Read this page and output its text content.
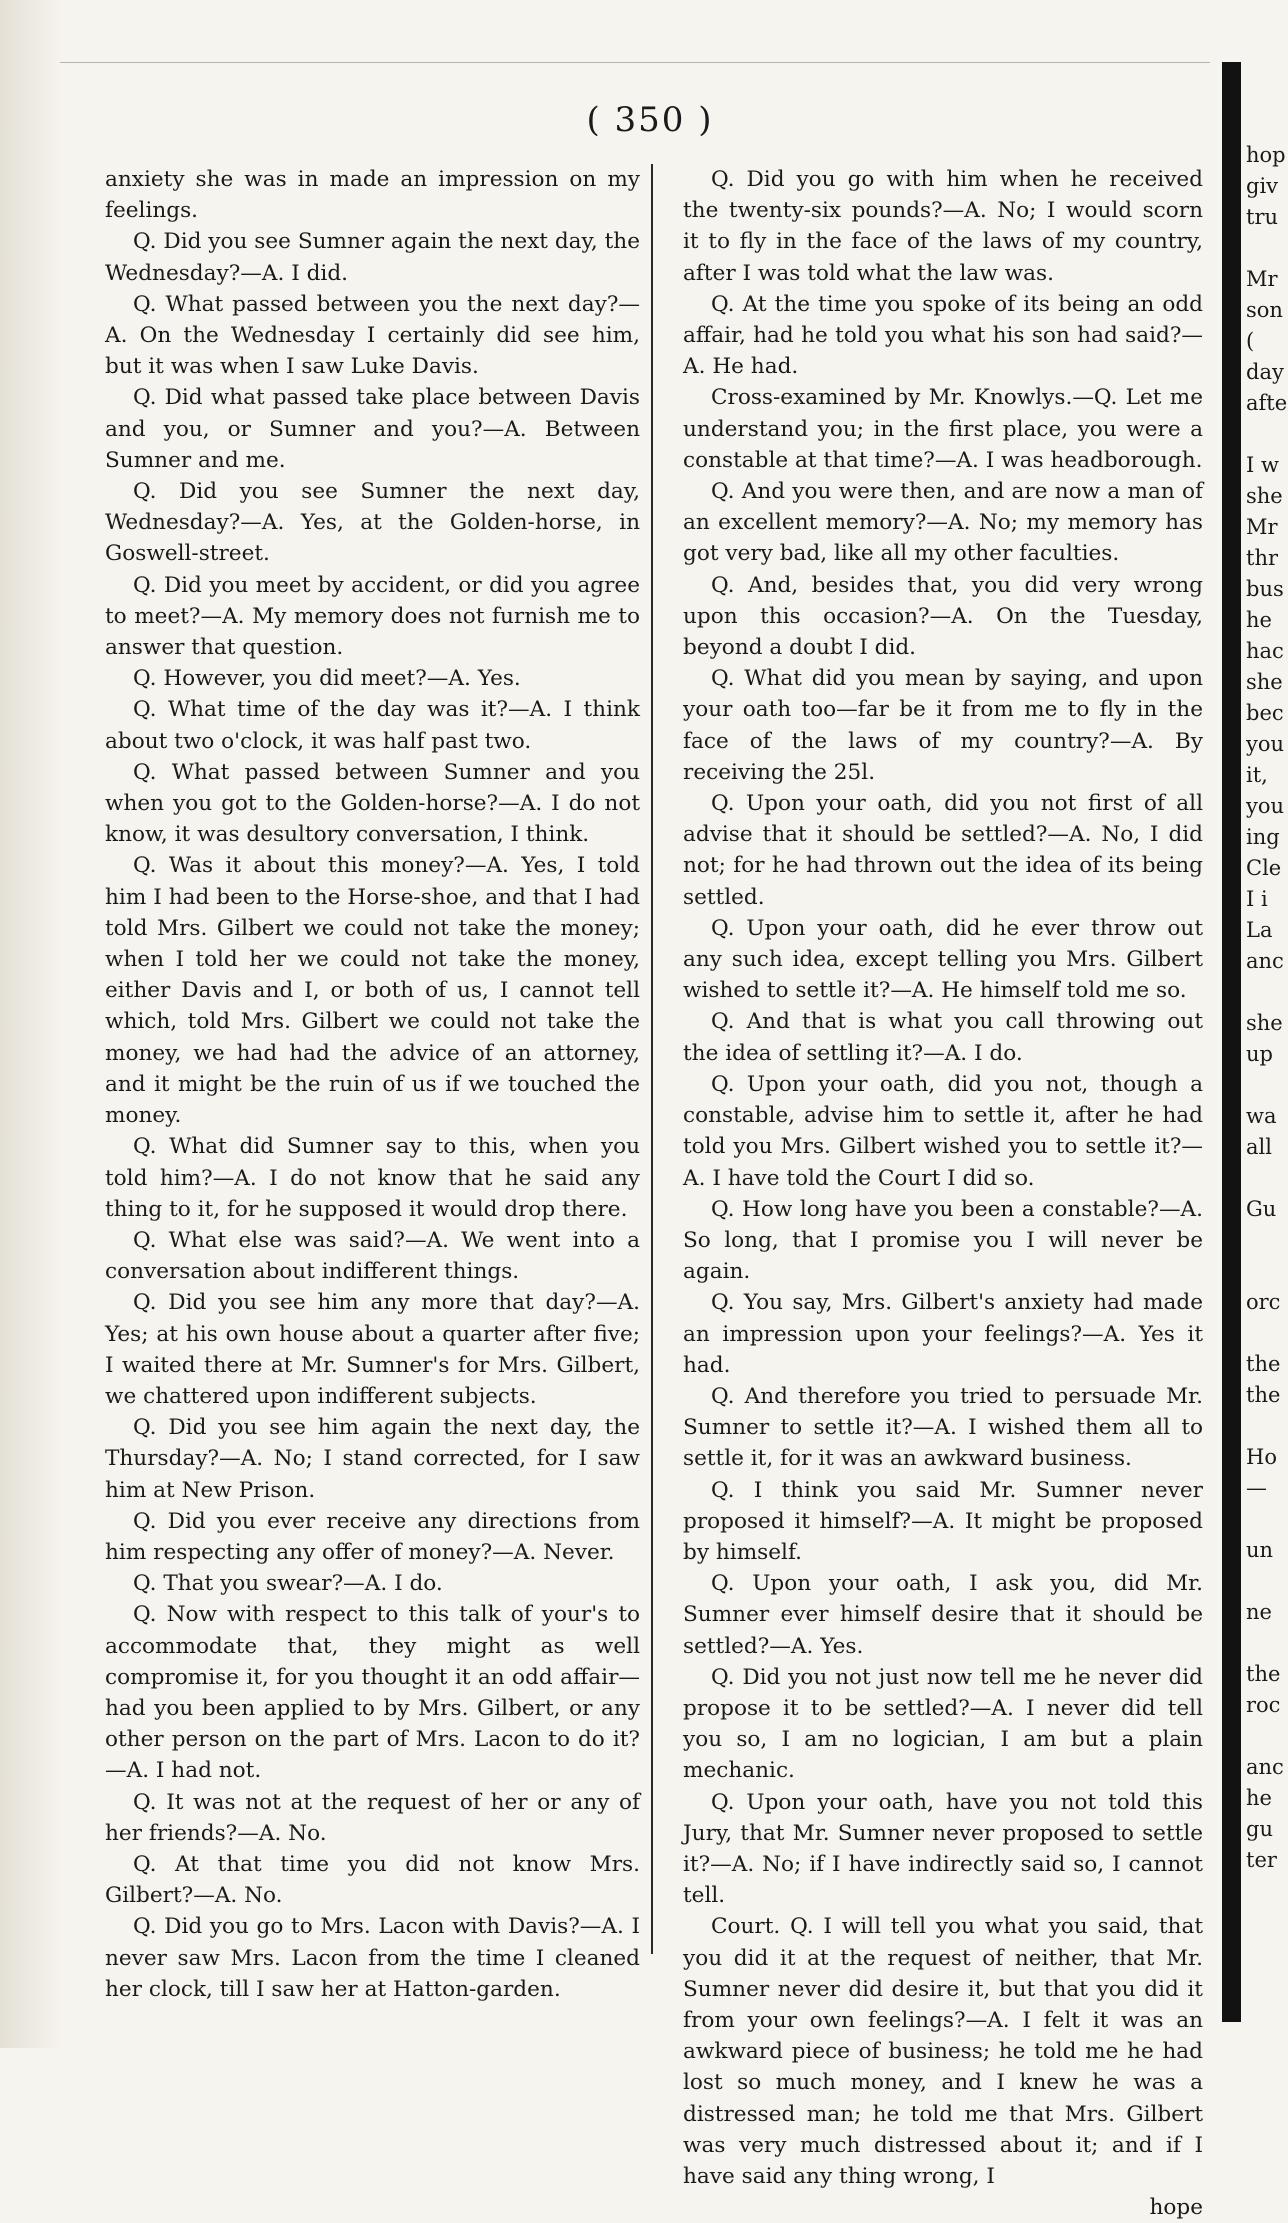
( 350 )

anxiety she was in made an impression on my feelings.

Q. Did you see Sumner again the next day, the Wednesday?—A. I did.

Q. What passed between you the next day?—A. On the Wednesday I certainly did see him, but it was when I saw Luke Davis.

Q. Did what passed take place between Davis and you, or Sumner and you?—A. Between Sumner and me.

Q. Did you see Sumner the next day, Wednesday?—A. Yes, at the Golden-horse, in Goswell-street.

Q. Did you meet by accident, or did you agree to meet?—A. My memory does not furnish me to answer that question.

Q. However, you did meet?—A. Yes.

Q. What time of the day was it?—A. I think about two o'clock, it was half past two.

Q. What passed between Sumner and you when you got to the Golden-horse?—A. I do not know, it was desultory conversation, I think.

Q. Was it about this money?—A. Yes, I told him I had been to the Horse-shoe, and that I had told Mrs. Gilbert we could not take the money; when I told her we could not take the money, either Davis and I, or both of us, I cannot tell which, told Mrs. Gilbert we could not take the money, we had had the advice of an attorney, and it might be the ruin of us if we touched the money.

Q. What did Sumner say to this, when you told him?—A. I do not know that he said any thing to it, for he supposed it would drop there.

Q. What else was said?—A. We went into a conversation about indifferent things.

Q. Did you see him any more that day?—A. Yes; at his own house about a quarter after five; I waited there at Mr. Sumner's for Mrs. Gilbert, we chattered upon indifferent subjects.

Q. Did you see him again the next day, the Thursday?—A. No; I stand corrected, for I saw him at New Prison.

Q. Did you ever receive any directions from him respecting any offer of money?—A. Never.

Q. That you swear?—A. I do.

Q. Now with respect to this talk of your's to accommodate that, they might as well compromise it, for you thought it an odd affair—had you been applied to by Mrs. Gilbert, or any other person on the part of Mrs. Lacon to do it?—A. I had not.

Q. It was not at the request of her or any of her friends?—A. No.

Q. At that time you did not know Mrs. Gilbert?—A. No.

Q. Did you go to Mrs. Lacon with Davis?—A. I never saw Mrs. Lacon from the time I cleaned her clock, till I saw her at Hatton-garden.

Q. Did you go with him when he received the twenty-six pounds?—A. No; I would scorn it to fly in the face of the laws of my country, after I was told what the law was.

Q. At the time you spoke of its being an odd affair, had he told you what his son had said?—A. He had.

Cross-examined by Mr. Knowlys.—Q. Let me understand you; in the first place, you were a constable at that time?—A. I was headborough.

Q. And you were then, and are now a man of an excellent memory?—A. No; my memory has got very bad, like all my other faculties.

Q. And, besides that, you did very wrong upon this occasion?—A. On the Tuesday, beyond a doubt I did.

Q. What did you mean by saying, and upon your oath too—far be it from me to fly in the face of the laws of my country?—A. By receiving the 25l.

Q. Upon your oath, did you not first of all advise that it should be settled?—A. No, I did not; for he had thrown out the idea of its being settled.

Q. Upon your oath, did he ever throw out any such idea, except telling you Mrs. Gilbert wished to settle it?—A. He himself told me so.

Q. And that is what you call throwing out the idea of settling it?—A. I do.

Q. Upon your oath, did you not, though a constable, advise him to settle it, after he had told you Mrs. Gilbert wished you to settle it?—A. I have told the Court I did so.

Q. How long have you been a constable?—A. So long, that I promise you I will never be again.

Q. You say, Mrs. Gilbert's anxiety had made an impression upon your feelings?—A. Yes it had.

Q. And therefore you tried to persuade Mr. Sumner to settle it?—A. I wished them all to settle it, for it was an awkward business.

Q. I think you said Mr. Sumner never proposed it himself?—A. It might be proposed by himself.

Q. Upon your oath, I ask you, did Mr. Sumner ever himself desire that it should be settled?—A. Yes.

Q. Did you not just now tell me he never did propose it to be settled?—A. I never did tell you so, I am no logician, I am but a plain mechanic.

Q. Upon your oath, have you not told this Jury, that Mr. Sumner never proposed to settle it?—A. No; if I have indirectly said so, I cannot tell.

Court. Q. I will tell you what you said, that you did it at the request of neither, that Mr. Sumner never did desire it, but that you did it from your own feelings?—A. I felt it was an awkward piece of business; he told me he had lost so much money, and I knew he was a distressed man; he told me that Mrs. Gilbert was very much distressed about it; and if I have said any thing wrong, I

hope

hop
giv
tru
Mr
son
(
day
afte
I w
she
Mr
thr
bus
he
hac
she
bec
you
it,
you
ing
Cle
I i
La
anc
she
up
wa
all
Gu
orc
the
the
Ho
—
un
ne
the
roc
anc
he
gu
ter
